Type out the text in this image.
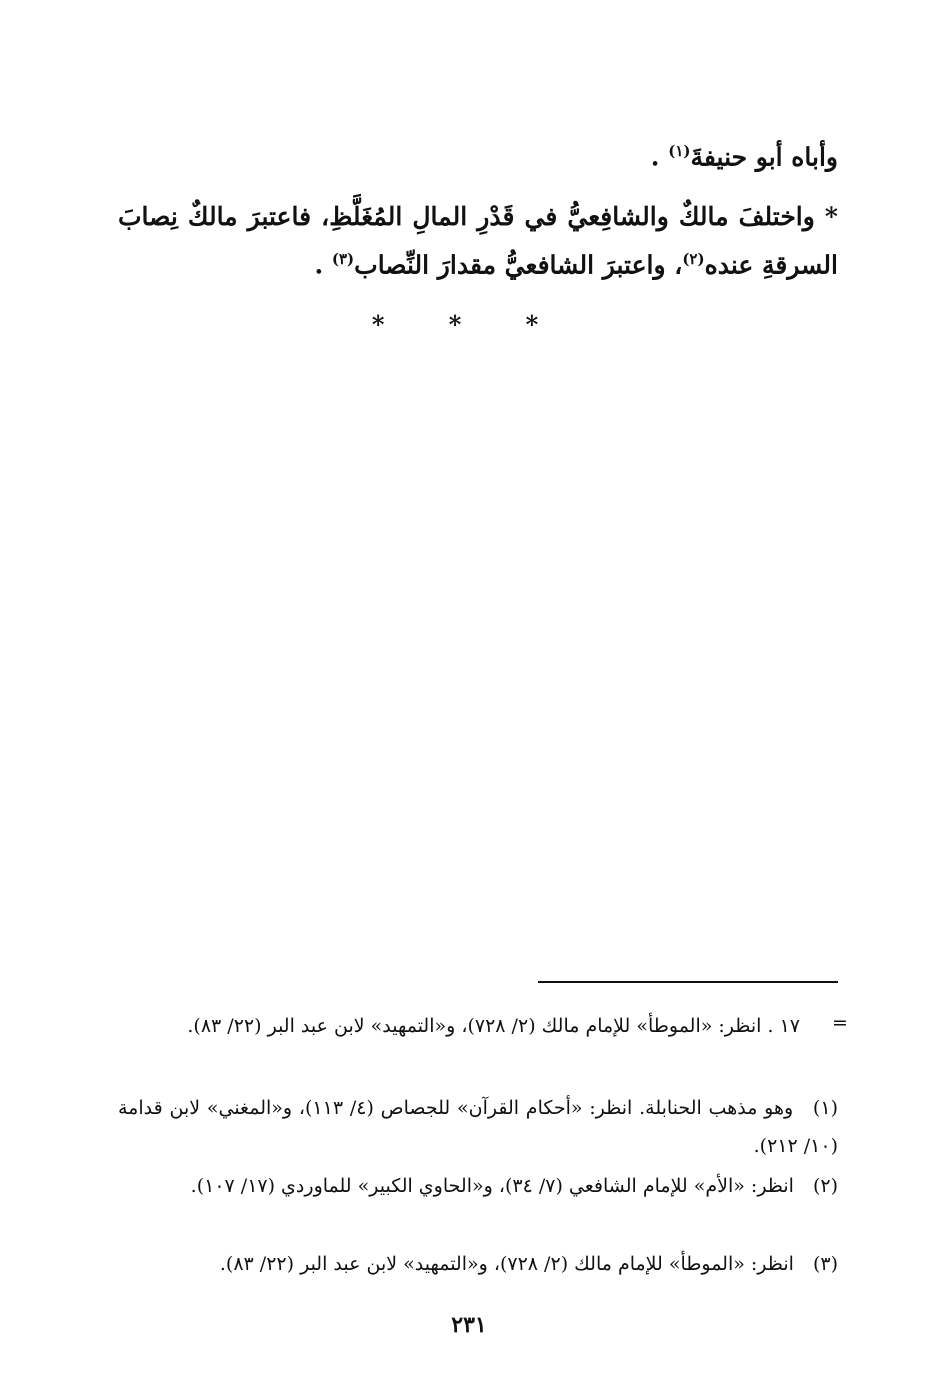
وأباه أبو حنيفةَ$^{(١)}$ .
* واختلفَ مالكٌ والشافِعيُّ في قَدْرِ المالِ المُغَلَّظِ، فاعتبرَ مالكٌ نِصابَ
السرقةِ عنده$^{(٢)}$، واعتبرَ الشافعيُّ مقدارَ النِّصاب$^{(٣)}$ .
* * *
=
١٧ . انظر: «الموطأ» للإمام مالك (٢/ ٧٢٨)، و«التمهيد» لابن عبد البر (٢٢/ ٨٣).
(١) وهو مذهب الحنابلة. انظر: «أحكام القرآن» للجصاص (٤/ ١١٣)، و«المغني» لابن قدامة (١٠/ ٢١٢).
(٢) انظر: «الأم» للإمام الشافعي (٧/ ٣٤)، و«الحاوي الكبير» للماوردي (١٧/ ١٠٧).
(٣) انظر: «الموطأ» للإمام مالك (٢/ ٧٢٨)، و«التمهيد» لابن عبد البر (٢٢/ ٨٣).
٢٣١
